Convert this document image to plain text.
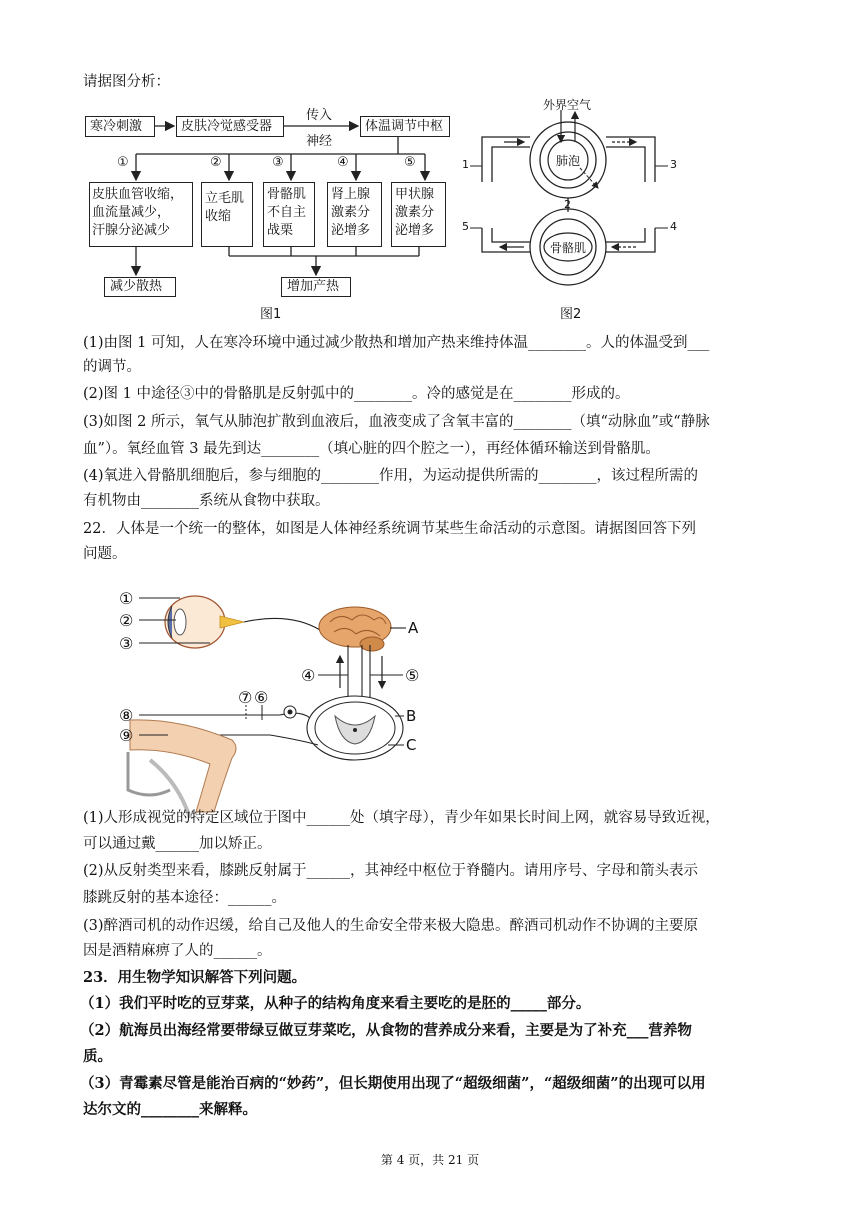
请据图分析：
寒冷刺激	皮肤冷觉感受器
传入
神经
体温调节中枢
①	②	③	④	⑤
皮肤血管收缩，
血流量减少，
汗腺分泌减少
立毛肌
收缩
骨骼肌
不自主
战栗
肾上腺
激素分
泌增多
甲状腺
激素分
泌增多
减少散热	增加产热
图1
外界空气
肺泡
骨骼肌
1
2
3
4
5
图2
(1)由图 1 可知，人在寒冷环境中通过减少散热和增加产热来维持体温________。人的体温受到___
的调节。
(2)图 1 中途径③中的骨骼肌是反射弧中的________。冷的感觉是在________形成的。
(3)如图 2 所示，氧气从肺泡扩散到血液后，血液变成了含氧丰富的________（填“动脉血”或“静脉
血”）。氧经血管 3 最先到达________（填心脏的四个腔之一），再经体循环输送到骨骼肌。
(4)氧进入骨骼肌细胞后，参与细胞的________作用，为运动提供所需的________，该过程所需的
有机物由________系统从食物中获取。
22．人体是一个统一的整体，如图是人体神经系统调节某些生命活动的示意图。请据图回答下列
问题。
①
②
③
④	⑤
⑦ ⑥
⑧
⑨
A
B
C
(1)人形成视觉的特定区域位于图中______处（填字母），青少年如果长时间上网，就容易导致近视，
可以通过戴______加以矫正。
(2)从反射类型来看，膝跳反射属于______，其神经中枢位于脊髓内。请用序号、字母和箭头表示
膝跳反射的基本途径：______。
(3)醉酒司机的动作迟缓，给自己及他人的生命安全带来极大隐患。醉酒司机动作不协调的主要原
因是酒精麻痹了人的______。
23．用生物学知识解答下列问题。
（1）我们平时吃的豆芽菜，从种子的结构角度来看主要吃的是胚的_____部分。
（2）航海员出海经常要带绿豆做豆芽菜吃，从食物的营养成分来看，主要是为了补充___营养物
质。
（3）青霉素尽管是能治百病的“妙药”，但长期使用出现了“超级细菌”，“超级细菌”的出现可以用
达尔文的________来解释。
第 4 页，共 21 页
